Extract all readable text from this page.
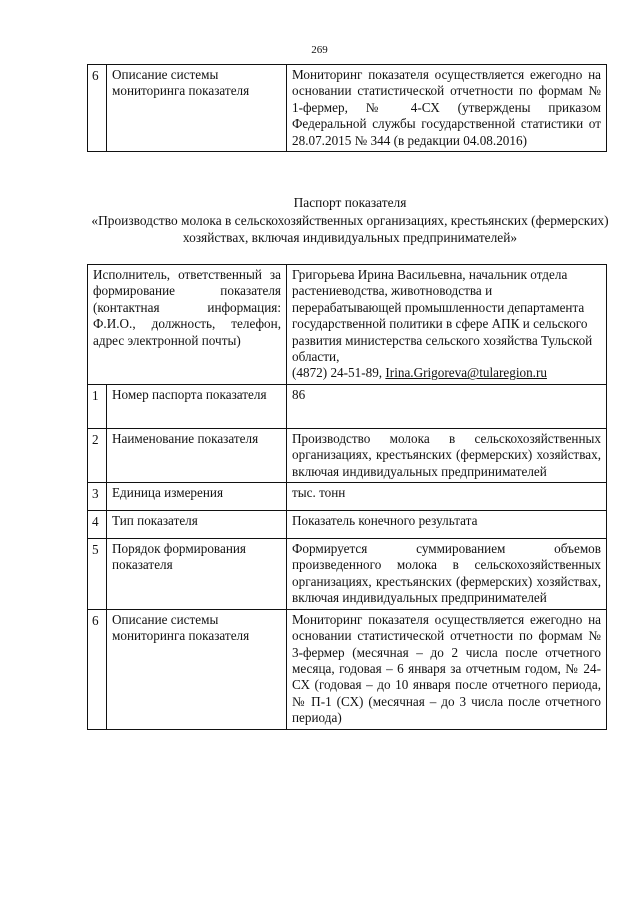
269
6	Описание системы мониторинга показателя	Мониторинг показателя осуществляется ежегодно на основании статистической отчетности по формам № 1-фермер, № 4-СХ (утверждены приказом Федеральной службы государственной статистики от 28.07.2015 № 344 (в редакции 04.08.2016)
Паспорт показателя
«Производство молока в сельскохозяйственных организациях, крестьянских (фермерских) хозяйствах, включая индивидуальных предпринимателей»
Исполнитель, ответственный за формирование показателя (контактная информация: Ф.И.О., должность, телефон, адрес электронной почты)		Григорьева Ирина Васильевна, начальник отдела растениеводства, животноводства и перерабатывающей промышленности департамента государственной политики в сфере АПК и сельского развития министерства сельского хозяйства Тульской области,
(4872) 24-51-89, Irina.Grigoreva@tularegion.ru

1	Номер паспорта показателя	86
2	Наименование показателя	Производство молока в сельскохозяйственных организациях, крестьянских (фермерских) хозяйствах, включая индивидуальных предпринимателей
3	Единица измерения	тыс. тонн
4	Тип показателя	Показатель конечного результата
5	Порядок формирования показателя	Формируется суммированием объемов произведенного молока в сельскохозяйственных организациях, крестьянских (фермерских) хозяйствах, включая индивидуальных предпринимателей
6	Описание системы мониторинга показателя	Мониторинг показателя осуществляется ежегодно на основании статистической отчетности по формам № 3-фермер (месячная – до 2 числа после отчетного месяца, годовая – 6 января за отчетным годом, № 24-СХ (годовая – до 10 января после отчетного периода, № П-1 (СХ) (месячная – до 3 числа после отчетного периода)
